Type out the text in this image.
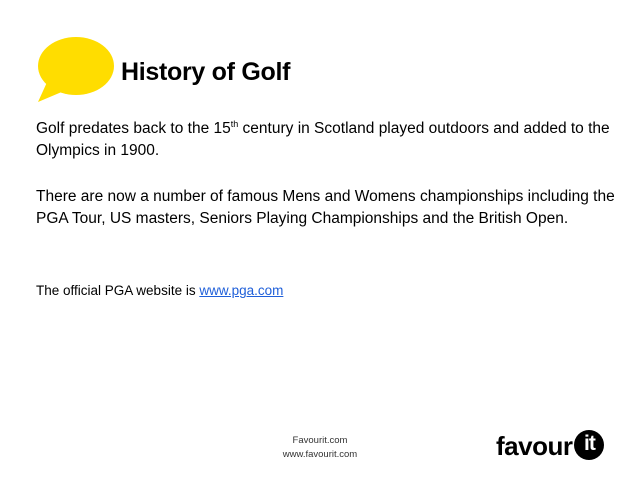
History of Golf
Golf predates back to the 15th century in Scotland played outdoors and added to the Olympics in 1900.
There are now a number of famous Mens and Womens championships including the PGA Tour, US masters, Seniors Playing Championships and the British Open.
The official PGA website is www.pga.com
Favourit.com
www.favourit.com	favour it
